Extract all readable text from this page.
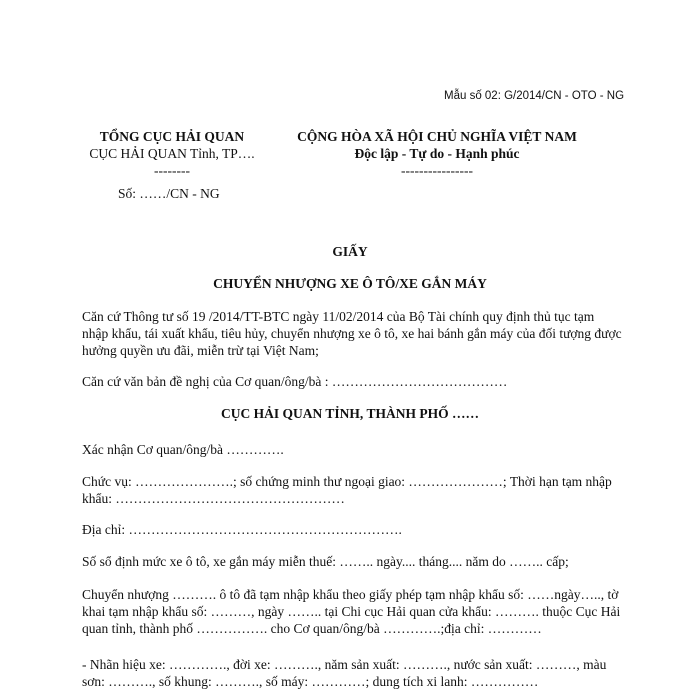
Mẫu số 02: G/2014/CN - OTO - NG
TỔNG CỤC HẢI QUAN
CỤC HẢI QUAN Tỉnh, TP….
--------
Số: ……/CN - NG
CỘNG HÒA XÃ HỘI CHỦ NGHĨA VIỆT NAM
Độc lập - Tự do - Hạnh phúc
----------------
GIẤY
CHUYỂN NHƯỢNG XE Ô TÔ/XE GẮN MÁY
Căn cứ Thông tư số 19 /2014/TT-BTC ngày 11/02/2014 của Bộ Tài chính quy định thủ tục tạm nhập khẩu, tái xuất khẩu, tiêu hủy, chuyển nhượng xe ô tô, xe hai bánh gắn máy của đối tượng được hưởng quyền ưu đãi, miễn trừ tại Việt Nam;
Căn cứ văn bản đề nghị của Cơ quan/ông/bà : …………………………………
CỤC HẢI QUAN TỈNH, THÀNH PHỐ ……
Xác nhận Cơ quan/ông/bà ………….
Chức vụ: ………………….; số chứng minh thư ngoại giao: …………………; Thời hạn tạm nhập khẩu: ……………………………………………
Địa chỉ: …………………………………………………….
Số sổ định mức xe ô tô, xe gắn máy miễn thuế: …….. ngày.... tháng.... năm do …….. cấp;
Chuyển nhượng ………. ô tô đã tạm nhập khẩu theo giấy phép tạm nhập khẩu số: ……ngày….., tờ khai tạm nhập khẩu số: ………, ngày …….. tại Chi cục Hải quan cửa khẩu: ………. thuộc Cục Hải quan tỉnh, thành phố ……………. cho Cơ quan/ông/bà ………….;địa chỉ: …………
- Nhãn hiệu xe: …………., đời xe: ………., năm sản xuất: ………., nước sản xuất: ………, màu sơn: ………., số khung: ………., số máy: …………; dung tích xi lanh: ……………
